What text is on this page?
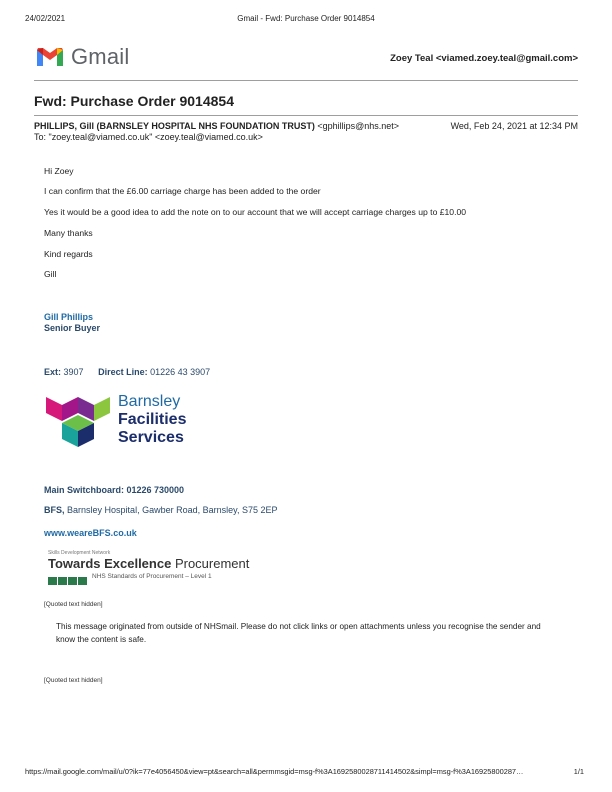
24/02/2021	Gmail - Fwd: Purchase Order 9014854
Gmail	Zoey Teal <viamed.zoey.teal@gmail.com>
Fwd: Purchase Order 9014854
PHILLIPS, Gill (BARNSLEY HOSPITAL NHS FOUNDATION TRUST) <gphillips@nhs.net>	Wed, Feb 24, 2021 at 12:34 PM
To: "zoey.teal@viamed.co.uk" <zoey.teal@viamed.co.uk>
Hi Zoey
I can confirm that the £6.00 carriage charge has been added to the order
Yes it would be a good idea to add the note on to our account that we will accept carriage charges up to £10.00
Many thanks
Kind regards
Gill
Gill Phillips
Senior Buyer
Ext: 3907 Direct Line: 01226 43 3907
Barnsley
Facilities
Services
Main Switchboard: 01226 730000
BFS, Barnsley Hospital, Gawber Road, Barnsley, S75 2EP
www.weareBFS.co.uk
Skills Development Network
Towards Excellence Procurement
NHS Standards of Procurement – Level 1
[Quoted text hidden]
This message originated from outside of NHSmail. Please do not click links or open attachments unless you recognise the sender and know the content is safe.
[Quoted text hidden]
https://mail.google.com/mail/u/0?ik=77e4056450&view=pt&search=all&permmsgid=msg-f%3A1692580028711414502&simpl=msg-f%3A16925800287…	1/1
